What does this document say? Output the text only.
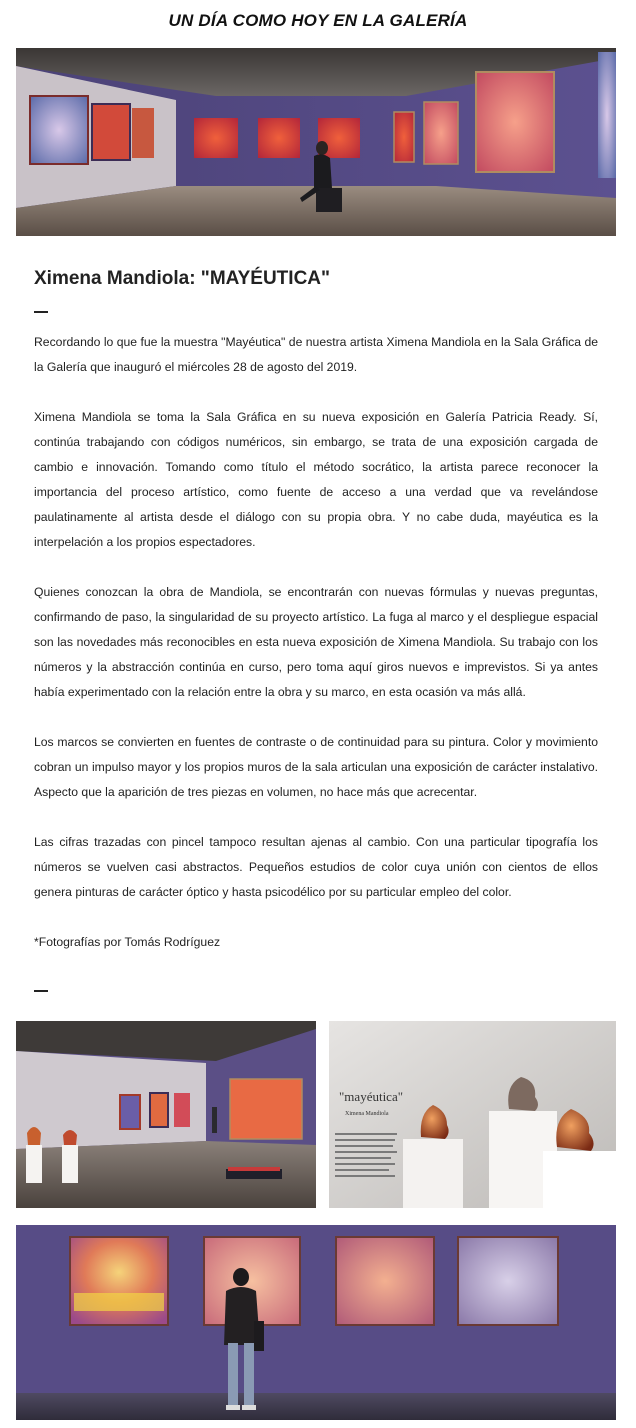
UN DÍA COMO HOY EN LA GALERÍA
Ximena Mandiola: "MAYÉUTICA"

Recordando lo que fue la muestra "Mayéutica" de nuestra artista Ximena Mandiola en la Sala Gráfica de la Galería que inauguró el miércoles 28 de agosto del 2019.

Ximena Mandiola se toma la Sala Gráfica en su nueva exposición en Galería Patricia Ready. Sí, continúa trabajando con códigos numéricos, sin embargo, se trata de una exposición cargada de cambio e innovación. Tomando como título el método socrático, la artista parece reconocer la importancia del proceso artístico, como fuente de acceso a una verdad que va revelándose paulatinamente al artista desde el diálogo con su propia obra. Y no cabe duda, mayéutica es la interpelación a los propios espectadores.

Quienes conozcan la obra de Mandiola, se encontrarán con nuevas fórmulas y nuevas preguntas, confirmando de paso, la singularidad de su proyecto artístico. La fuga al marco y el despliegue espacial son las novedades más reconocibles en esta nueva exposición de Ximena Mandiola. Su trabajo con los números y la abstracción continúa en curso, pero toma aquí giros nuevos e imprevistos. Si ya antes había experimentado con la relación entre la obra y su marco, en esta ocasión va más allá.

Los marcos se convierten en fuentes de contraste o de continuidad para su pintura. Color y movimiento cobran un impulso mayor y los propios muros de la sala articulan una exposición de carácter instalativo. Aspecto que la aparición de tres piezas en volumen, no hace más que acrecentar.

Las cifras trazadas con pincel tampoco resultan ajenas al cambio. Con una particular tipografía los números se vuelven casi abstractos. Pequeños estudios de color cuya unión con cientos de ellos genera pinturas de carácter óptico y hasta psicodélico por su particular empleo del color.

*Fotografías por Tomás Rodríguez

"mayéutica"
Ximena Mandiola
